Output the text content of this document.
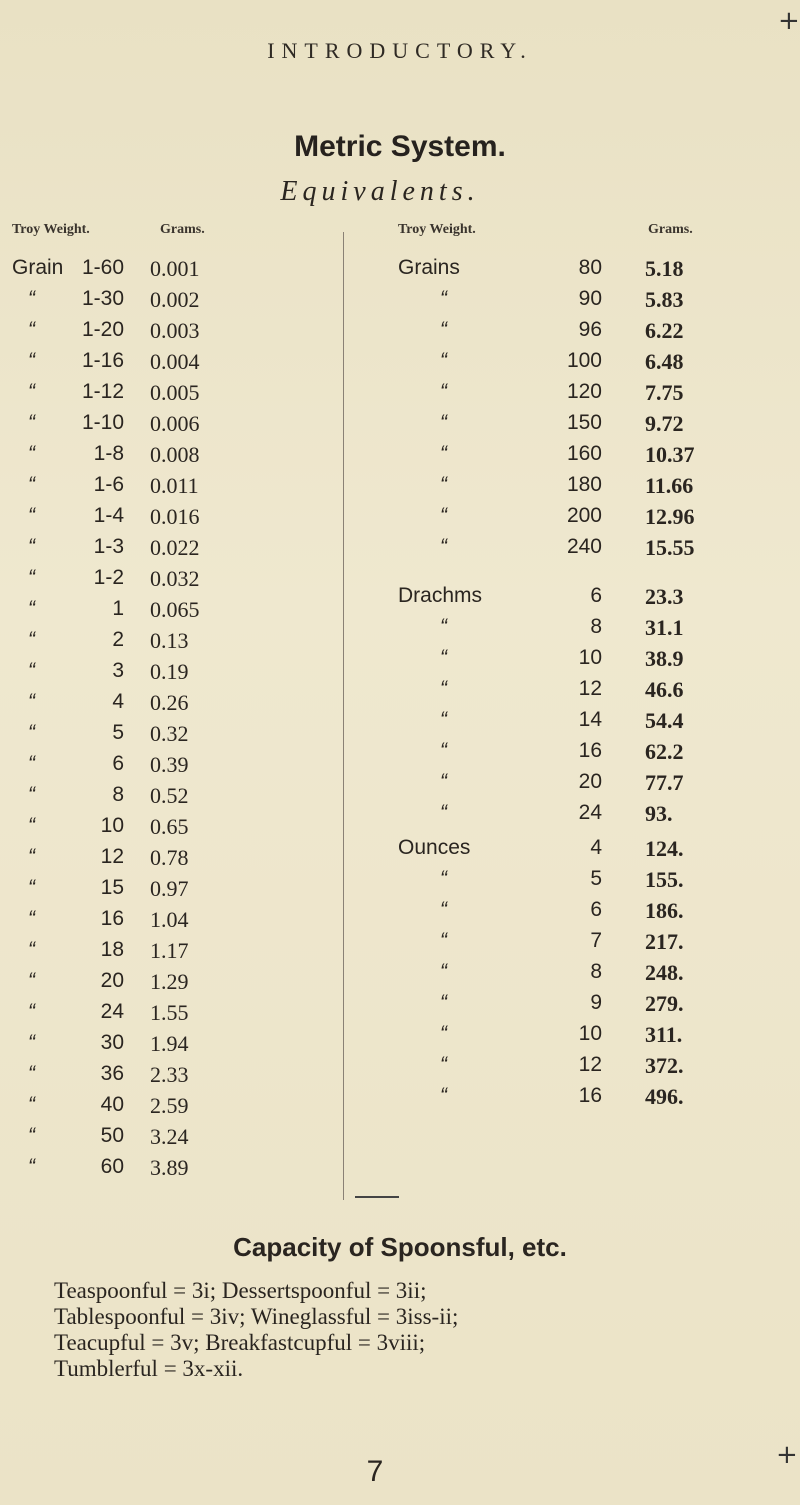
INTRODUCTORY.
+
+
Metric System.
Equivalents.
Troy Weight.	Grams.	Troy Weight.	Grams.
Grain 1-60 0.001
“	1-30 0.002
“	1-20 0.003
“	1-16 0.004
“	1-12 0.005
“	1-10 0.006
“	1-8 0.008
“	1-6 0.011
“	1-4 0.016
“	1-3 0.022
“	1-2 0.032
“	1 0.065
“	2 0.13
“	3 0.19
“	4 0.26
“	5 0.32
“	6 0.39
“	8 0.52
“	10 0.65
“	12 0.78
“	15 0.97
“	16 1.04
“	18 1.17
“	20 1.29
“	24 1.55
“	30 1.94
“	36 2.33
“	40 2.59
“	50 3.24
“	60 3.89
Grains	80 5.18
“	90 5.83
“	96 6.22
“	100 6.48
“	120 7.75
“	150 9.72
“	160 10.37
“	180 11.66
“	200 12.96
“	240 15.55
Drachms	6 23.3
“	8 31.1
“	10 38.9
“	12 46.6
“	14 54.4
“	16 62.2
“	20 77.7
“	24 93.
Ounces	4 124.
“	5 155.
“	6 186.
“	7 217.
“	8 248.
“	9 279.
“	10 311.
“	12 372.
“	16 496.
Capacity of Spoonsful, etc.
Teaspoonful = 3i; Dessertspoonful = 3ii;
Tablespoonful = 3iv; Wineglassful = 3iss-ii;
Teacupful = 3v; Breakfastcupful = 3viii;
Tumblerful = 3x-xii.
7
